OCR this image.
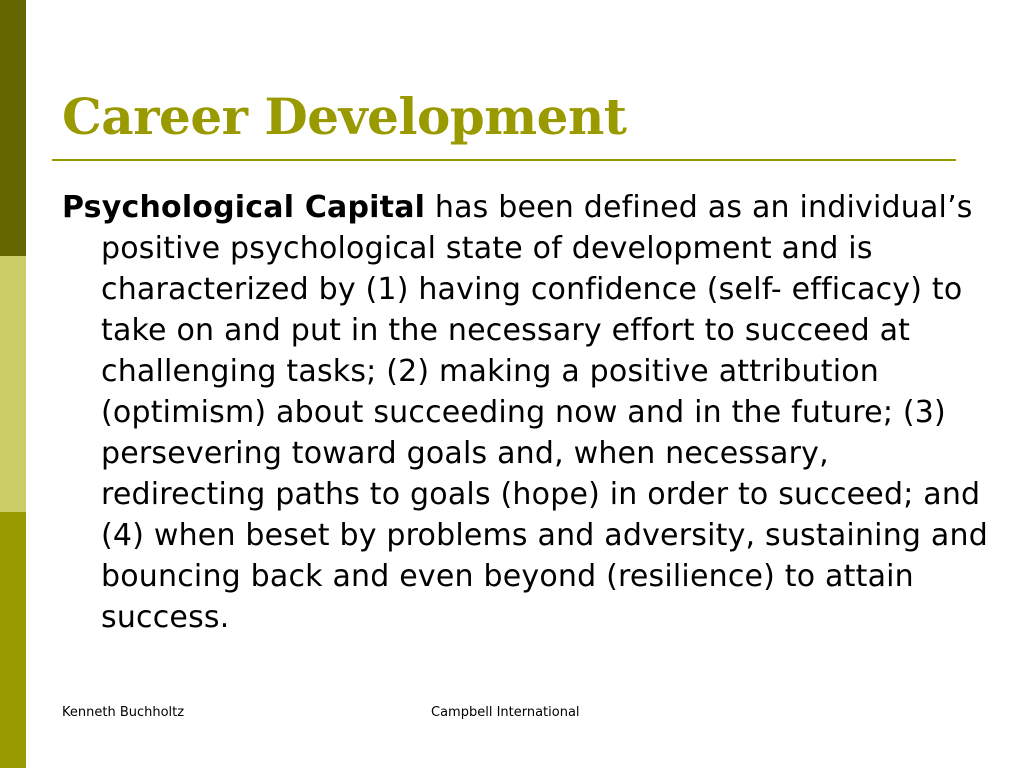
Career Development

Psychological Capital has been defined as an individual’s positive psychological state of development and is characterized by (1) having confidence (self- efficacy) to take on and put in the necessary effort to succeed at challenging tasks; (2) making a positive attribution (optimism) about succeeding now and in the future; (3) persevering toward goals and, when necessary, redirecting paths to goals (hope) in order to succeed; and (4) when beset by problems and adversity, sustaining and bouncing back and even beyond (resilience) to attain success.

Kenneth Buchholtz	Campbell International
